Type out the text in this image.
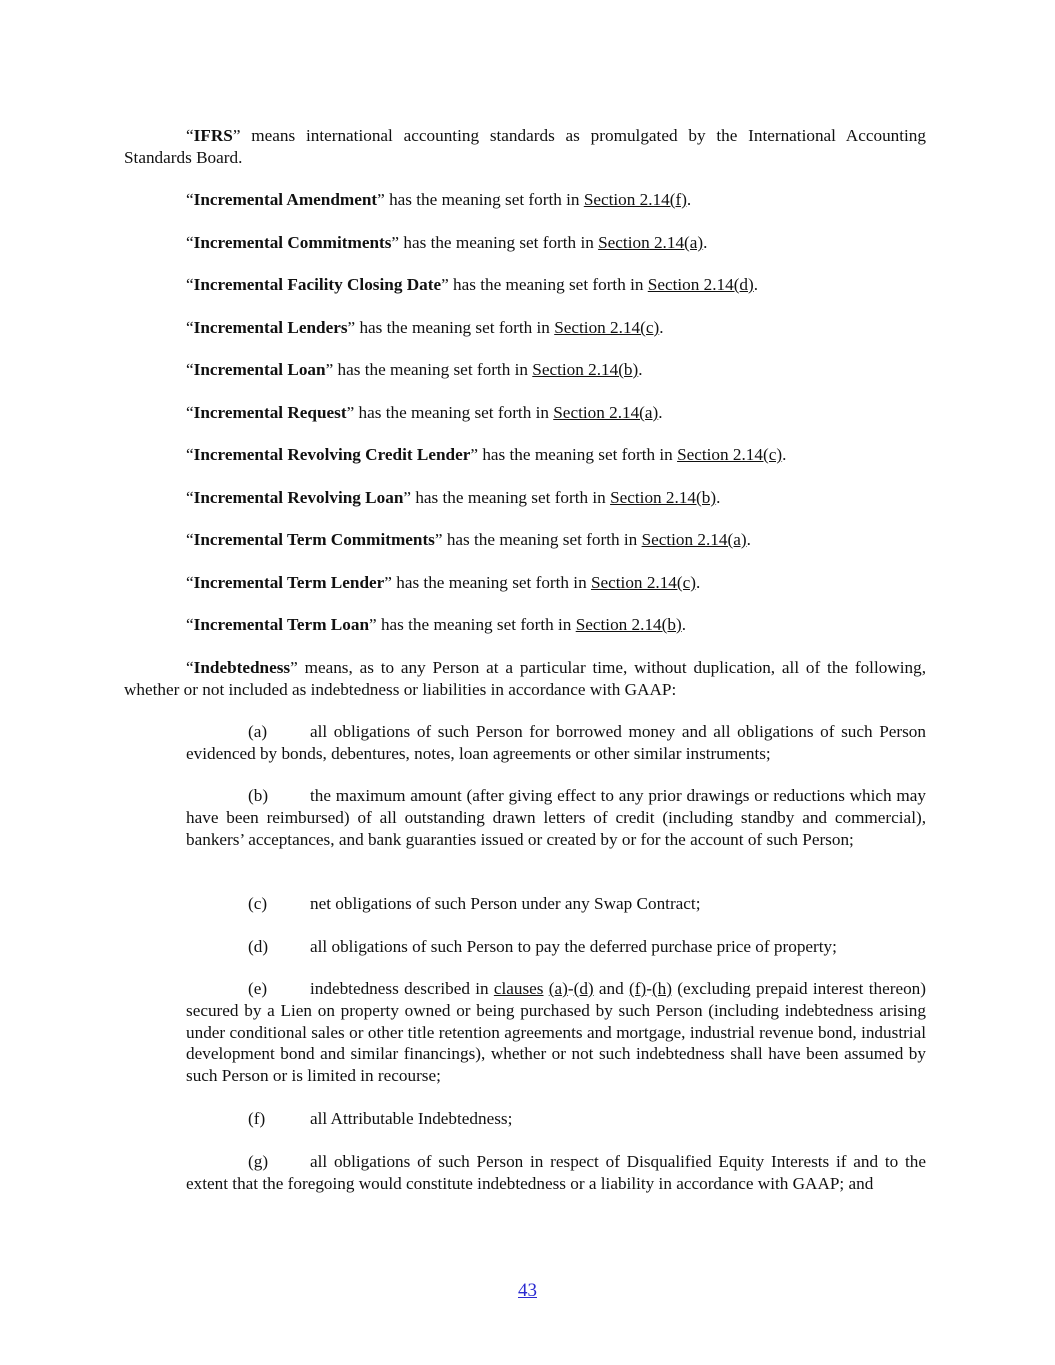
“IFRS” means international accounting standards as promulgated by the International Accounting Standards Board.
“Incremental Amendment” has the meaning set forth in Section 2.14(f).
“Incremental Commitments” has the meaning set forth in Section 2.14(a).
“Incremental Facility Closing Date” has the meaning set forth in Section 2.14(d).
“Incremental Lenders” has the meaning set forth in Section 2.14(c).
“Incremental Loan” has the meaning set forth in Section 2.14(b).
“Incremental Request” has the meaning set forth in Section 2.14(a).
“Incremental Revolving Credit Lender” has the meaning set forth in Section 2.14(c).
“Incremental Revolving Loan” has the meaning set forth in Section 2.14(b).
“Incremental Term Commitments” has the meaning set forth in Section 2.14(a).
“Incremental Term Lender” has the meaning set forth in Section 2.14(c).
“Incremental Term Loan” has the meaning set forth in Section 2.14(b).
“Indebtedness” means, as to any Person at a particular time, without duplication, all of the following, whether or not included as indebtedness or liabilities in accordance with GAAP:
(a) all obligations of such Person for borrowed money and all obligations of such Person evidenced by bonds, debentures, notes, loan agreements or other similar instruments;
(b) the maximum amount (after giving effect to any prior drawings or reductions which may have been reimbursed) of all outstanding drawn letters of credit (including standby and commercial), bankers’ acceptances, and bank guaranties issued or created by or for the account of such Person;
(c) net obligations of such Person under any Swap Contract;
(d) all obligations of such Person to pay the deferred purchase price of property;
(e) indebtedness described in clauses (a)-(d) and (f)-(h) (excluding prepaid interest thereon) secured by a Lien on property owned or being purchased by such Person (including indebtedness arising under conditional sales or other title retention agreements and mortgage, industrial revenue bond, industrial development bond and similar financings), whether or not such indebtedness shall have been assumed by such Person or is limited in recourse;
(f)	all Attributable Indebtedness;
(g) all obligations of such Person in respect of Disqualified Equity Interests if and to the extent that the foregoing would constitute indebtedness or a liability in accordance with GAAP; and
43
